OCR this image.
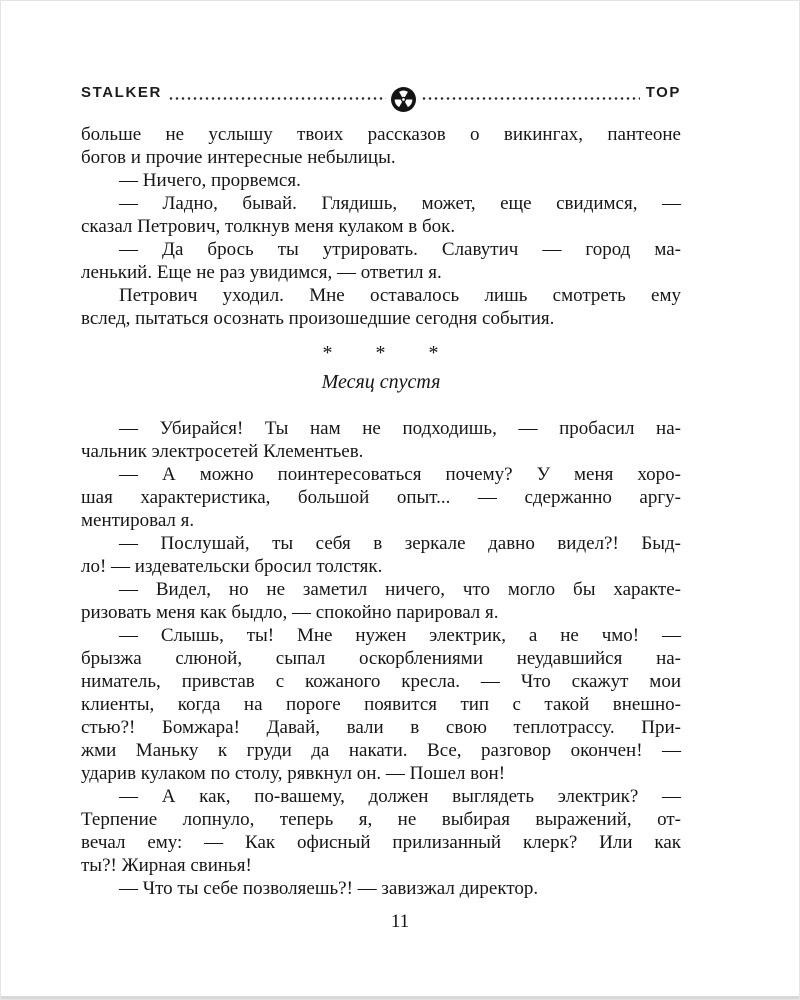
STALKER	ТОР
больше не услышу твоих рассказов о викингах, пантеоне
богов и прочие интересные небылицы.
— Ничего, прорвемся.
— Ладно, бывай. Глядишь, может, еще свидимся, —
сказал Петрович, толкнув меня кулаком в бок.
— Да брось ты утрировать. Славутич — город ма-
ленький. Еще не раз увидимся, — ответил я.
Петрович уходил. Мне оставалось лишь смотреть ему
вслед, пытаться осознать произошедшие сегодня события.
* * *
Месяц спустя
— Убирайся! Ты нам не подходишь, — пробасил на-
чальник электросетей Клементьев.
— А можно поинтересоваться почему? У меня хоро-
шая характеристика, большой опыт... — сдержанно аргу-
ментировал я.
— Послушай, ты себя в зеркале давно видел?! Быд-
ло! — издевательски бросил толстяк.
— Видел, но не заметил ничего, что могло бы характе-
ризовать меня как быдло, — спокойно парировал я.
— Слышь, ты! Мне нужен электрик, а не чмо! —
брызжа слюной, сыпал оскорблениями неудавшийся на-
ниматель, привстав с кожаного кресла. — Что скажут мои
клиенты, когда на пороге появится тип с такой внешно-
стью?! Бомжара! Давай, вали в свою теплотрассу. При-
жми Маньку к груди да накати. Все, разговор окончен! —
ударив кулаком по столу, рявкнул он. — Пошел вон!
— А как, по-вашему, должен выглядеть электрик? —
Терпение лопнуло, теперь я, не выбирая выражений, от-
вечал ему: — Как офисный прилизанный клерк? Или как
ты?! Жирная свинья!
— Что ты себе позволяешь?! — завизжал директор.
11
